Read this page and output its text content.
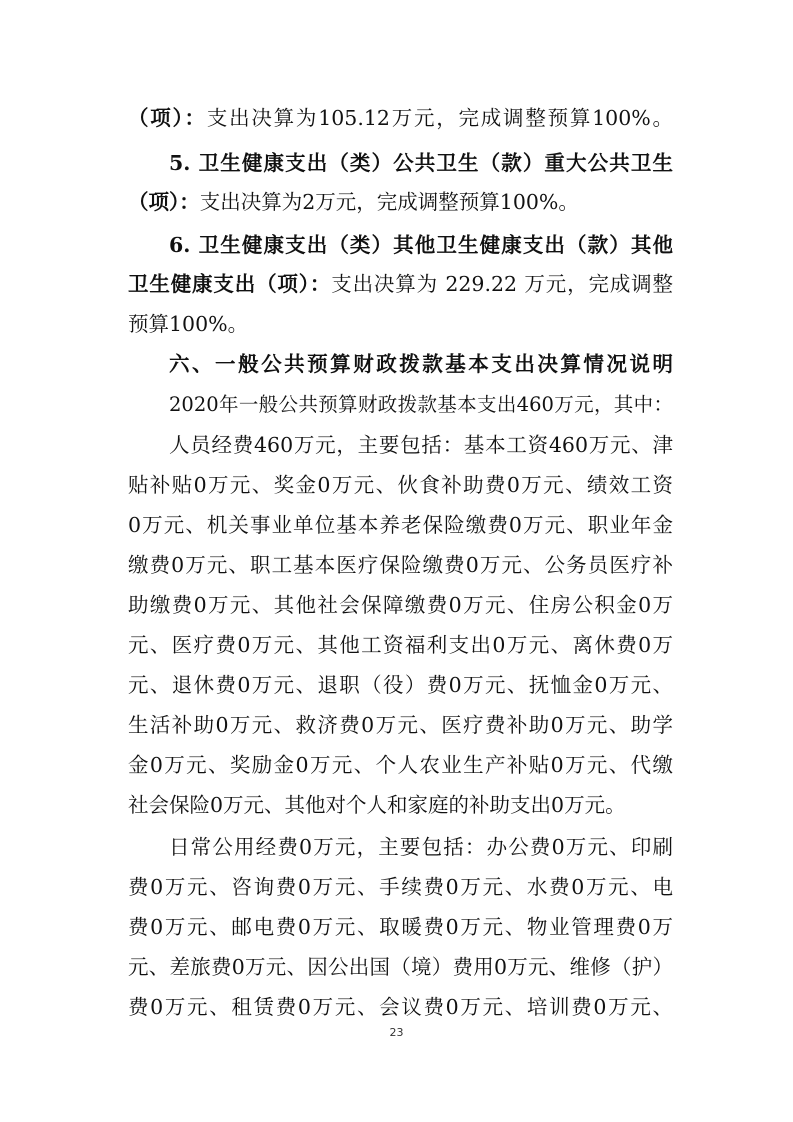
（项）：支出决算为105.12万元，完成调整预算100%。
5. 卫生健康支出（类）公共卫生（款）重大公共卫生
（项）：支出决算为2万元，完成调整预算100%。
6. 卫生健康支出（类）其他卫生健康支出（款）其他
卫生健康支出（项）：支出决算为 229.22 万元，完成调整
预算100%。
六、一般公共预算财政拨款基本支出决算情况说明
2020年一般公共预算财政拨款基本支出460万元，其中：
人员经费460万元，主要包括：基本工资460万元、津
贴补贴0万元、奖金0万元、伙食补助费0万元、绩效工资
0万元、机关事业单位基本养老保险缴费0万元、职业年金
缴费0万元、职工基本医疗保险缴费0万元、公务员医疗补
助缴费0万元、其他社会保障缴费0万元、住房公积金0万
元、医疗费0万元、其他工资福利支出0万元、离休费0万
元、退休费0万元、退职（役）费0万元、抚恤金0万元、
生活补助0万元、救济费0万元、医疗费补助0万元、助学
金0万元、奖励金0万元、个人农业生产补贴0万元、代缴
社会保险0万元、其他对个人和家庭的补助支出0万元。
日常公用经费0万元，主要包括：办公费0万元、印刷
费0万元、咨询费0万元、手续费0万元、水费0万元、电
费0万元、邮电费0万元、取暖费0万元、物业管理费0万
元、差旅费0万元、因公出国（境）费用0万元、维修（护）
费0万元、租赁费0万元、会议费0万元、培训费0万元、
23
